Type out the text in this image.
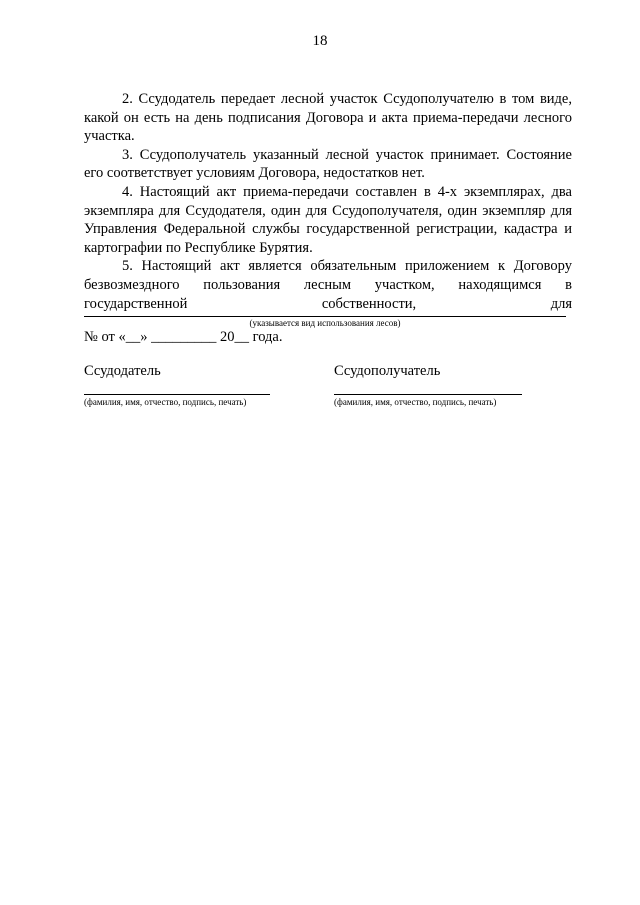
18

2. Ссудодатель передает лесной участок Ссудополучателю в том виде, какой он есть на день подписания Договора и акта приема-передачи лесного участка.

3. Ссудополучатель указанный лесной участок принимает. Состояние его соответствует условиям Договора, недостатков нет.

4. Настоящий акт приема-передачи составлен в 4-х экземплярах, два экземпляра для Ссудодателя, один для Ссудополучателя, один экземпляр для Управления Федеральной службы государственной регистрации, кадастра и картографии по Республике Бурятия.

5. Настоящий акт является обязательным приложением к Договору безвозмездного пользования лесным участком, находящимся в государственной собственности, для

(указывается вид использования лесов)
№ от «__» _________ 20__ года.
Ссудодатель	Ссудополучатель
(фамилия, имя, отчество, подпись, печать)	(фамилия, имя, отчество, подпись, печать)
